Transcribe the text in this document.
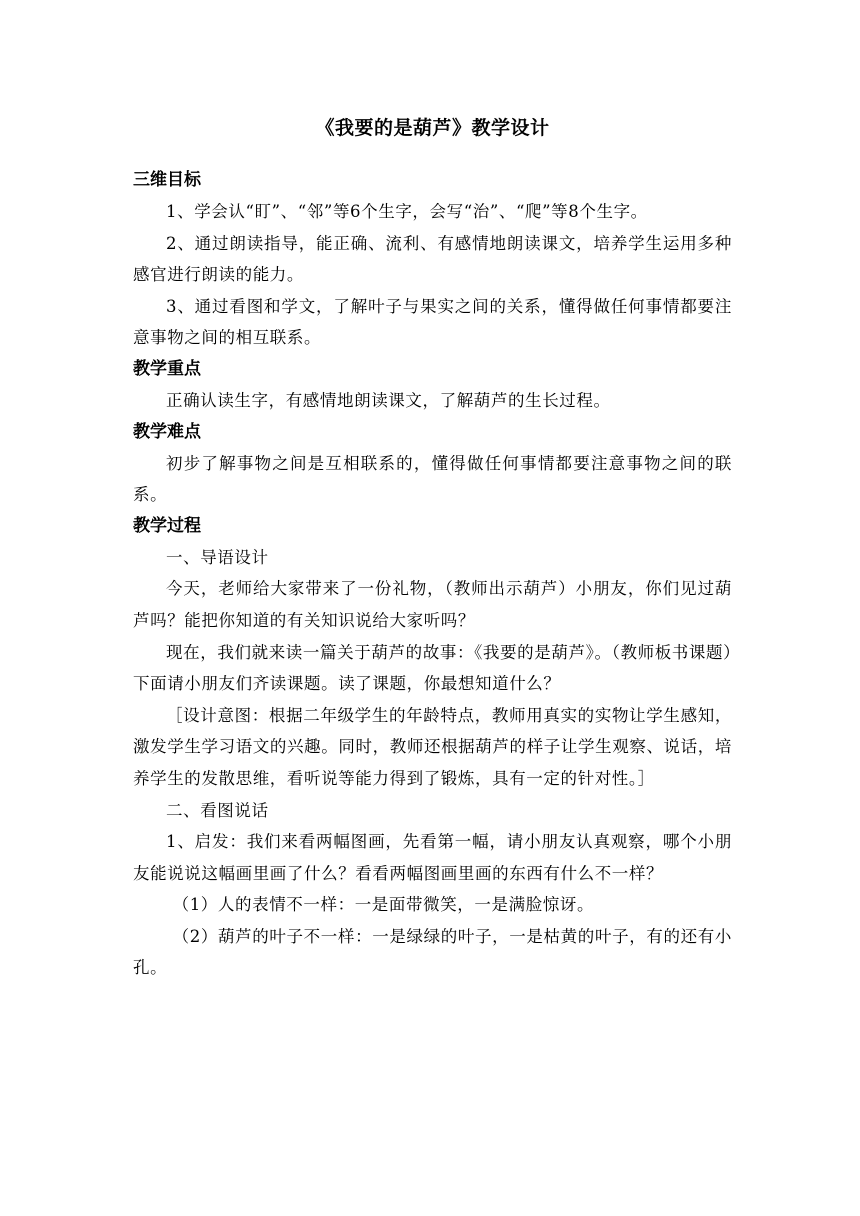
《我要的是葫芦》教学设计
三维目标

1、学会认“盯”、“邻”等6个生字，会写“治”、“爬”等8个生字。

2、通过朗读指导，能正确、流利、有感情地朗读课文，培养学生运用多种感官进行朗读的能力。

3、通过看图和学文，了解叶子与果实之间的关系，懂得做任何事情都要注意事物之间的相互联系。

教学重点

正确认读生字，有感情地朗读课文，了解葫芦的生长过程。

教学难点

初步了解事物之间是互相联系的，懂得做任何事情都要注意事物之间的联系。

教学过程

一、导语设计

今天，老师给大家带来了一份礼物，（教师出示葫芦）小朋友，你们见过葫芦吗？能把你知道的有关知识说给大家听吗？

现在，我们就来读一篇关于葫芦的故事：《我要的是葫芦》。（教师板书课题）下面请小朋友们齐读课题。读了课题，你最想知道什么？

［设计意图：根据二年级学生的年龄特点，教师用真实的实物让学生感知，激发学生学习语文的兴趣。同时，教师还根据葫芦的样子让学生观察、说话，培养学生的发散思维，看听说等能力得到了锻炼，具有一定的针对性。］

二、看图说话

1、启发：我们来看两幅图画，先看第一幅，请小朋友认真观察，哪个小朋友能说说这幅画里画了什么？看看两幅图画里画的东西有什么不一样？

（1）人的表情不一样：一是面带微笑，一是满脸惊讶。

（2）葫芦的叶子不一样：一是绿绿的叶子，一是枯黄的叶子，有的还有小孔。
